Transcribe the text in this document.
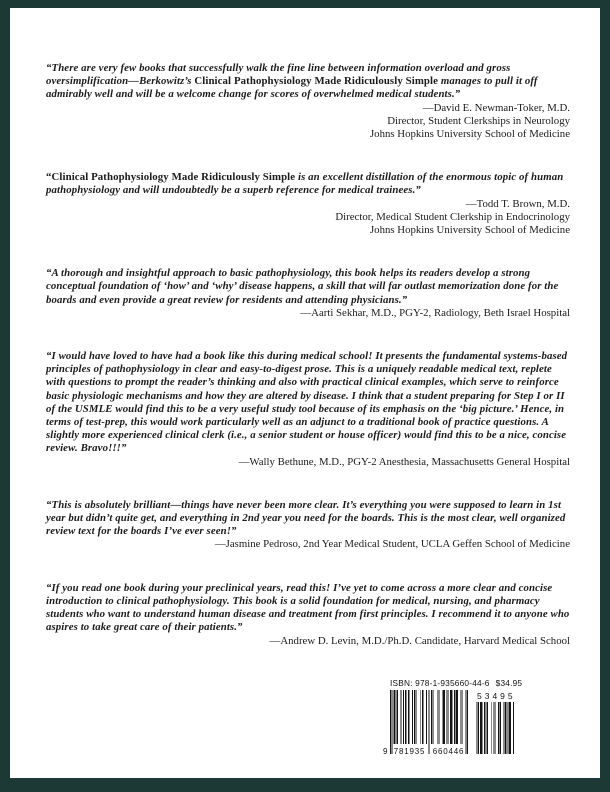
“There are very few books that successfully walk the fine line between information overload and gross oversimplification—Berkowitz’s Clinical Pathophysiology Made Ridiculously Simple manages to pull it off admirably well and will be a welcome change for scores of overwhelmed medical students.”

—David E. Newman-Toker, M.D.
Director, Student Clerkships in Neurology
Johns Hopkins University School of Medicine

“Clinical Pathophysiology Made Ridiculously Simple is an excellent distillation of the enormous topic of human pathophysiology and will undoubtedly be a superb reference for medical trainees.”

—Todd T. Brown, M.D.
Director, Medical Student Clerkship in Endocrinology
Johns Hopkins University School of Medicine

“A thorough and insightful approach to basic pathophysiology, this book helps its readers develop a strong conceptual foundation of ‘how’ and ‘why’ disease happens, a skill that will far outlast memorization done for the boards and even provide a great review for residents and attending physicians.”

—Aarti Sekhar, M.D., PGY-2, Radiology, Beth Israel Hospital

“I would have loved to have had a book like this during medical school! It presents the fundamental systems-based principles of pathophysiology in clear and easy-to-digest prose. This is a uniquely readable medical text, replete with questions to prompt the reader’s thinking and also with practical clinical examples, which serve to reinforce basic physiologic mechanisms and how they are altered by disease. I think that a student preparing for Step I or II of the USMLE would find this to be a very useful study tool because of its emphasis on the ‘big picture.’ Hence, in terms of test-prep, this would work particularly well as an adjunct to a traditional book of practice questions. A slightly more experienced clinical clerk (i.e., a senior student or house officer) would find this to be a nice, concise review. Bravo!!!”

—Wally Bethune, M.D., PGY-2 Anesthesia, Massachusetts General Hospital

“This is absolutely brilliant—things have never been more clear. It’s everything you were supposed to learn in 1st year but didn’t quite get, and everything in 2nd year you need for the boards. This is the most clear, well organized review text for the boards I’ve ever seen!”

—Jasmine Pedroso, 2nd Year Medical Student, UCLA Geffen School of Medicine

“If you read one book during your preclinical years, read this! I’ve yet to come across a more clear and concise introduction to clinical pathophysiology. This book is a solid foundation for medical, nursing, and pharmacy students who want to understand human disease and treatment from first principles. I recommend it to anyone who aspires to take great care of their patients.”

—Andrew D. Levin, M.D./Ph.D. Candidate, Harvard Medical School
ISBN: 978-1-935660-44-6 $34.95
9 781935 660446
53495
